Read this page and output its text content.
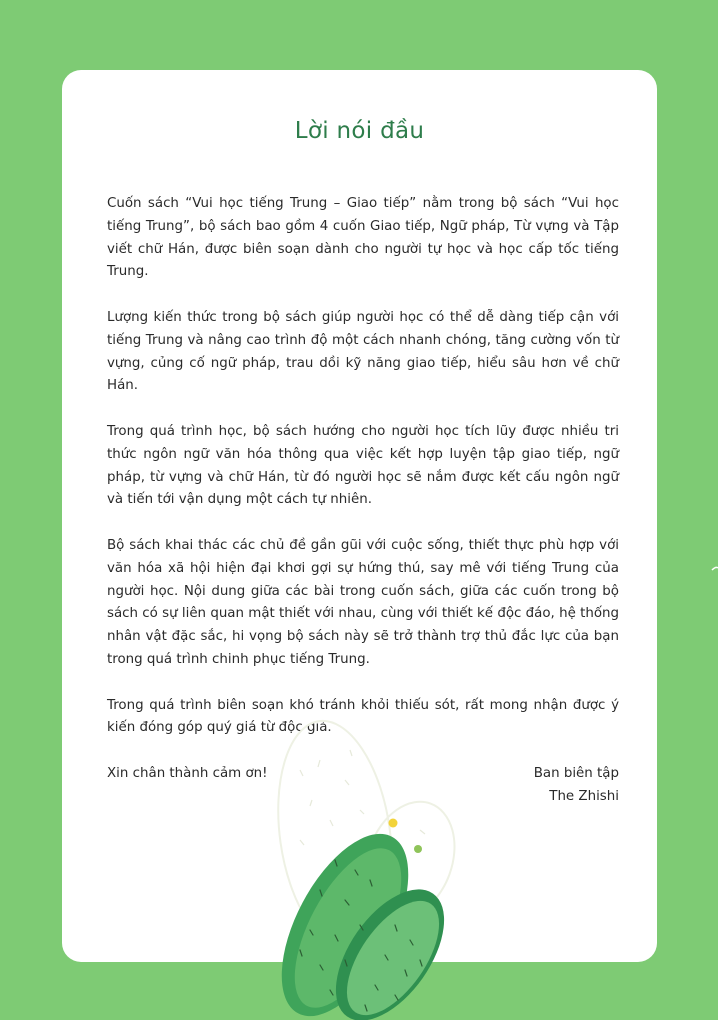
Lời nói đầu

Cuốn sách “Vui học tiếng Trung – Giao tiếp” nằm trong bộ sách “Vui học tiếng Trung”, bộ sách bao gồm 4 cuốn Giao tiếp, Ngữ pháp, Từ vựng và Tập viết chữ Hán, được biên soạn dành cho người tự học và học cấp tốc tiếng Trung.

Lượng kiến thức trong bộ sách giúp người học có thể dễ dàng tiếp cận với tiếng Trung và nâng cao trình độ một cách nhanh chóng, tăng cường vốn từ vựng, củng cố ngữ pháp, trau dồi kỹ năng giao tiếp, hiểu sâu hơn về chữ Hán.

Trong quá trình học, bộ sách hướng cho người học tích lũy được nhiều tri thức ngôn ngữ văn hóa thông qua việc kết hợp luyện tập giao tiếp, ngữ pháp, từ vựng và chữ Hán, từ đó người học sẽ nắm được kết cấu ngôn ngữ và tiến tới vận dụng một cách tự nhiên.

Bộ sách khai thác các chủ đề gần gũi với cuộc sống, thiết thực phù hợp với văn hóa xã hội hiện đại khơi gợi sự hứng thú, say mê với tiếng Trung của người học. Nội dung giữa các bài trong cuốn sách, giữa các cuốn trong bộ sách có sự liên quan mật thiết với nhau, cùng với thiết kế độc đáo, hệ thống nhân vật đặc sắc, hi vọng bộ sách này sẽ trở thành trợ thủ đắc lực của bạn trong quá trình chinh phục tiếng Trung.

Trong quá trình biên soạn khó tránh khỏi thiếu sót, rất mong nhận được ý kiến đóng góp quý giá từ độc giả.

Xin chân thành cảm ơn!	Ban biên tập
The Zhishi
